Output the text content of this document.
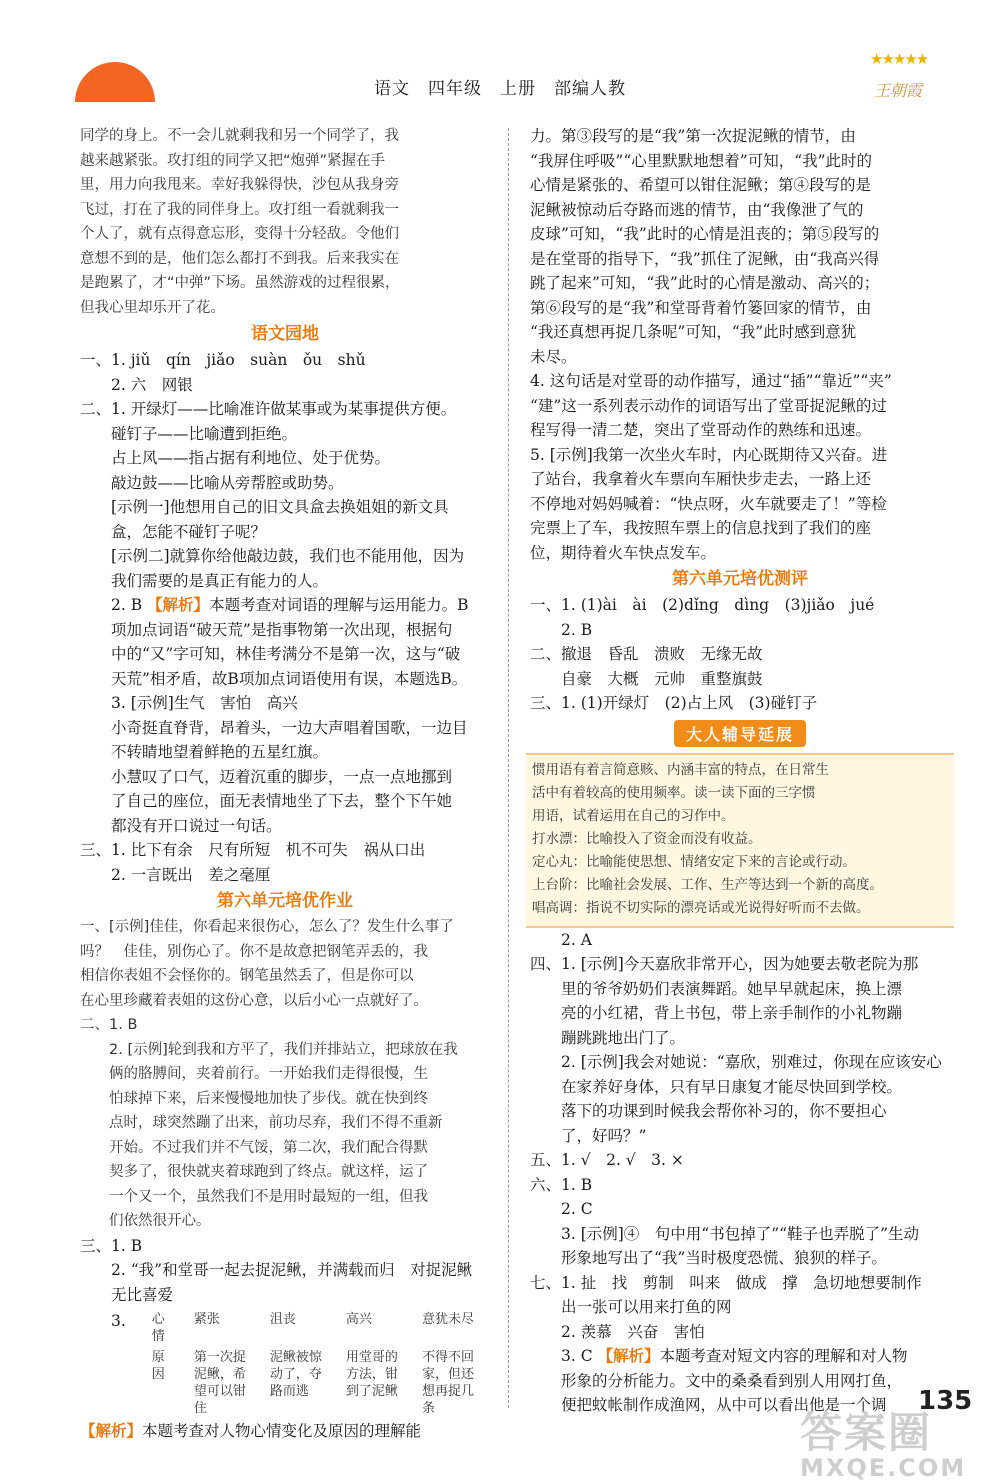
语文　四年级　上册　部编人教
★★★★★
王朝霞
同学的身上。不一会儿就剩我和另一个同学了，我
越来越紧张。攻打组的同学又把“炮弹”紧握在手
里，用力向我甩来。幸好我躲得快，沙包从我身旁
飞过，打在了我的同伴身上。攻打组一看就剩我一
个人了，就有点得意忘形，变得十分轻敌。令他们
意想不到的是，他们怎么都打不到我。后来我实在
是跑累了，才“中弹”下场。虽然游戏的过程很累，
但我心里却乐开了花。
语文园地
一、1. jiǔ　qín　jiǎo　suàn　ǒu　shǔ
　　2. 六　网银
二、1. 开绿灯——比喻准许做某事或为某事提供方便。
　　碰钉子——比喻遭到拒绝。
　　占上风——指占据有利地位、处于优势。
　　敲边鼓——比喻从旁帮腔或助势。
　　[示例一]他想用自己的旧文具盒去换姐姐的新文具
　　盒，怎能不碰钉子呢？
　　[示例二]就算你给他敲边鼓，我们也不能用他，因为
　　我们需要的是真正有能力的人。
　　2. B 【解析】本题考查对词语的理解与运用能力。B
　　项加点词语“破天荒”是指事物第一次出现，根据句
　　中的“又”字可知，林佳考满分不是第一次，这与“破
　　天荒”相矛盾，故B项加点词语使用有误，本题选B。
　　3. [示例]生气　害怕　高兴
　　小奇挺直脊背，昂着头，一边大声唱着国歌，一边目
　　不转睛地望着鲜艳的五星红旗。
　　小慧叹了口气，迈着沉重的脚步，一点一点地挪到
　　了自己的座位，面无表情地坐了下去，整个下午她
　　都没有开口说过一句话。
三、1. 比下有余　尺有所短　机不可失　祸从口出
　　2. 一言既出　差之毫厘
第六单元培优作业
一、[示例]佳佳，你看起来很伤心，怎么了？发生什么事了
吗？　佳佳，别伤心了。你不是故意把钢笔弄丢的，我
相信你表姐不会怪你的。钢笔虽然丢了，但是你可以
在心里珍藏着表姐的这份心意，以后小心一点就好了。
二、1. B
　　2. [示例]轮到我和方平了，我们并排站立，把球放在我
　　俩的胳膊间，夹着前行。一开始我们走得很慢，生
　　怕球掉下来，后来慢慢地加快了步伐。就在快到终
　　点时，球突然蹦了出来，前功尽弃，我们不得不重新
　　开始。不过我们并不气馁，第二次，我们配合得默
　　契多了，很快就夹着球跑到了终点。就这样，运了
　　一个又一个，虽然我们不是用时最短的一组，但我
　　们依然很开心。
三、1. B
　　2. “我”和堂哥一起去捉泥鳅，并满载而归　对捉泥鳅
　　无比喜爱
　　3. 心　情	紧张	沮丧	高兴	意犹未尽
原　因	第一次捉泥鳅，希望可以钳住	泥鳅被惊动了，夺路而逃	用堂哥的方法，钳到了泥鳅	不得不回家，但还想再捉几条
【解析】本题考查对人物心情变化及原因的理解能
力。第③段写的是“我”第一次捉泥鳅的情节，由
“我屏住呼吸”“心里默默地想着”可知，“我”此时的
心情是紧张的、希望可以钳住泥鳅；第④段写的是
泥鳅被惊动后夺路而逃的情节，由“我像泄了气的
皮球”可知，“我”此时的心情是沮丧的；第⑤段写的
是在堂哥的指导下，“我”抓住了泥鳅，由“我高兴得
跳了起来”可知，“我”此时的心情是激动、高兴的；
第⑥段写的是“我”和堂哥背着竹篓回家的情节，由
“我还真想再捉几条呢”可知，“我”此时感到意犹
未尽。
4. 这句话是对堂哥的动作描写，通过“插”“靠近”“夹”
“建”这一系列表示动作的词语写出了堂哥捉泥鳅的过
程写得一清二楚，突出了堂哥动作的熟练和迅速。
5. [示例]我第一次坐火车时，内心既期待又兴奋。进
了站台，我拿着火车票向车厢快步走去，一路上还
不停地对妈妈喊着：“快点呀，火车就要走了！”等检
完票上了车，我按照车票上的信息找到了我们的座
位，期待着火车快点发车。
第六单元培优测评
一、1. (1)ài　ài　(2)dǐng　dìng　(3)jiǎo　jué
　　2. B
二、撤退　昏乱　溃败　无缘无故
　　自豪　大概　元帅　重整旗鼓
三、1. (1)开绿灯　(2)占上风　(3)碰钉子
大人辅导延展
惯用语有着言简意赅、内涵丰富的特点，在日常生
活中有着较高的使用频率。读一读下面的三字惯
用语，试着运用在自己的习作中。
打水漂：比喻投入了资金而没有收益。
定心丸：比喻能使思想、情绪安定下来的言论或行动。
上台阶：比喻社会发展、工作、生产等达到一个新的高度。
唱高调：指说不切实际的漂亮话或光说得好听而不去做。
　　2. A
四、1. [示例]今天嘉欣非常开心，因为她要去敬老院为那
　　里的爷爷奶奶们表演舞蹈。她早早就起床，换上漂
　　亮的小红裙，背上书包，带上亲手制作的小礼物蹦
　　蹦跳跳地出门了。
　　2. [示例]我会对她说：“嘉欣，别难过，你现在应该安心
　　在家养好身体，只有早日康复才能尽快回到学校。
　　落下的功课到时候我会帮你补习的，你不要担心
　　了，好吗？”
五、1. √　2. √　3. ×
六、1. B
　　2. C
　　3. [示例]④　句中用“书包掉了”“鞋子也弄脱了”生动
　　形象地写出了“我”当时极度恐慌、狼狈的样子。
七、1. 扯　找　剪制　叫来　做成　撑　急切地想要制作
　　出一张可以用来打鱼的网
　　2. 羡慕　兴奋　害怕
　　3. C 【解析】本题考查对短文内容的理解和对人物
　　形象的分析能力。文中的桑桑看到别人用网打鱼，
　　便把蚊帐制作成渔网，从中可以看出他是一个调	135
答案圈
MXQE.COM
